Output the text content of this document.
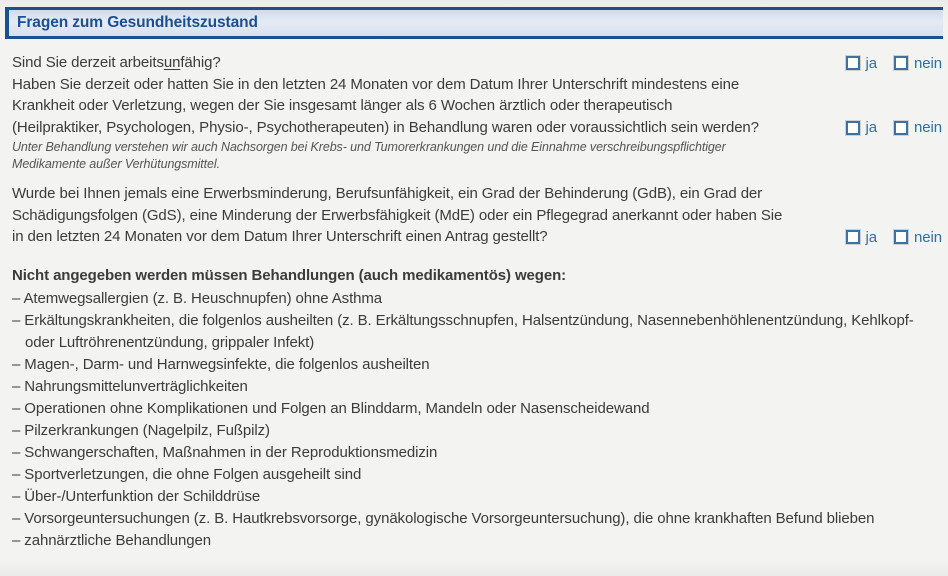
Fragen zum Gesundheitszustand
Sind Sie derzeit arbeitsunfähig?	ja nein
Haben Sie derzeit oder hatten Sie in den letzten 24 Monaten vor dem Datum Ihrer Unterschrift mindestens eine
Krankheit oder Verletzung, wegen der Sie insgesamt länger als 6 Wochen ärztlich oder therapeutisch
(Heilpraktiker, Psychologen, Physio-, Psychotherapeuten) in Behandlung waren oder voraussichtlich sein werden?	ja nein
Unter Behandlung verstehen wir auch Nachsorgen bei Krebs- und Tumorerkrankungen und die Einnahme verschreibungspflichtiger
Medikamente außer Verhütungsmittel.
Wurde bei Ihnen jemals eine Erwerbsminderung, Berufsunfähigkeit, ein Grad der Behinderung (GdB), ein Grad der
Schädigungsfolgen (GdS), eine Minderung der Erwerbsfähigkeit (MdE) oder ein Pflegegrad anerkannt oder haben Sie
in den letzten 24 Monaten vor dem Datum Ihrer Unterschrift einen Antrag gestellt?	ja nein
Nicht angegeben werden müssen Behandlungen (auch medikamentös) wegen:
– Atemwegsallergien (z. B. Heuschnupfen) ohne Asthma
– Erkältungskrankheiten, die folgenlos ausheilten (z. B. Erkältungsschnupfen, Halsentzündung, Nasennebenhöhlenentzündung, Kehlkopf- oder Luftröhrenentzündung, grippaler Infekt)
– Magen-, Darm- und Harnwegsinfekte, die folgenlos ausheilten
– Nahrungsmittelunverträglichkeiten
– Operationen ohne Komplikationen und Folgen an Blinddarm, Mandeln oder Nasenscheidewand
– Pilzerkrankungen (Nagelpilz, Fußpilz)
– Schwangerschaften, Maßnahmen in der Reproduktionsmedizin
– Sportverletzungen, die ohne Folgen ausgeheilt sind
– Über-/Unterfunktion der Schilddrüse
– Vorsorgeuntersuchungen (z. B. Hautkrebsvorsorge, gynäkologische Vorsorgeuntersuchung), die ohne krankhaften Befund blieben
– zahnärztliche Behandlungen
